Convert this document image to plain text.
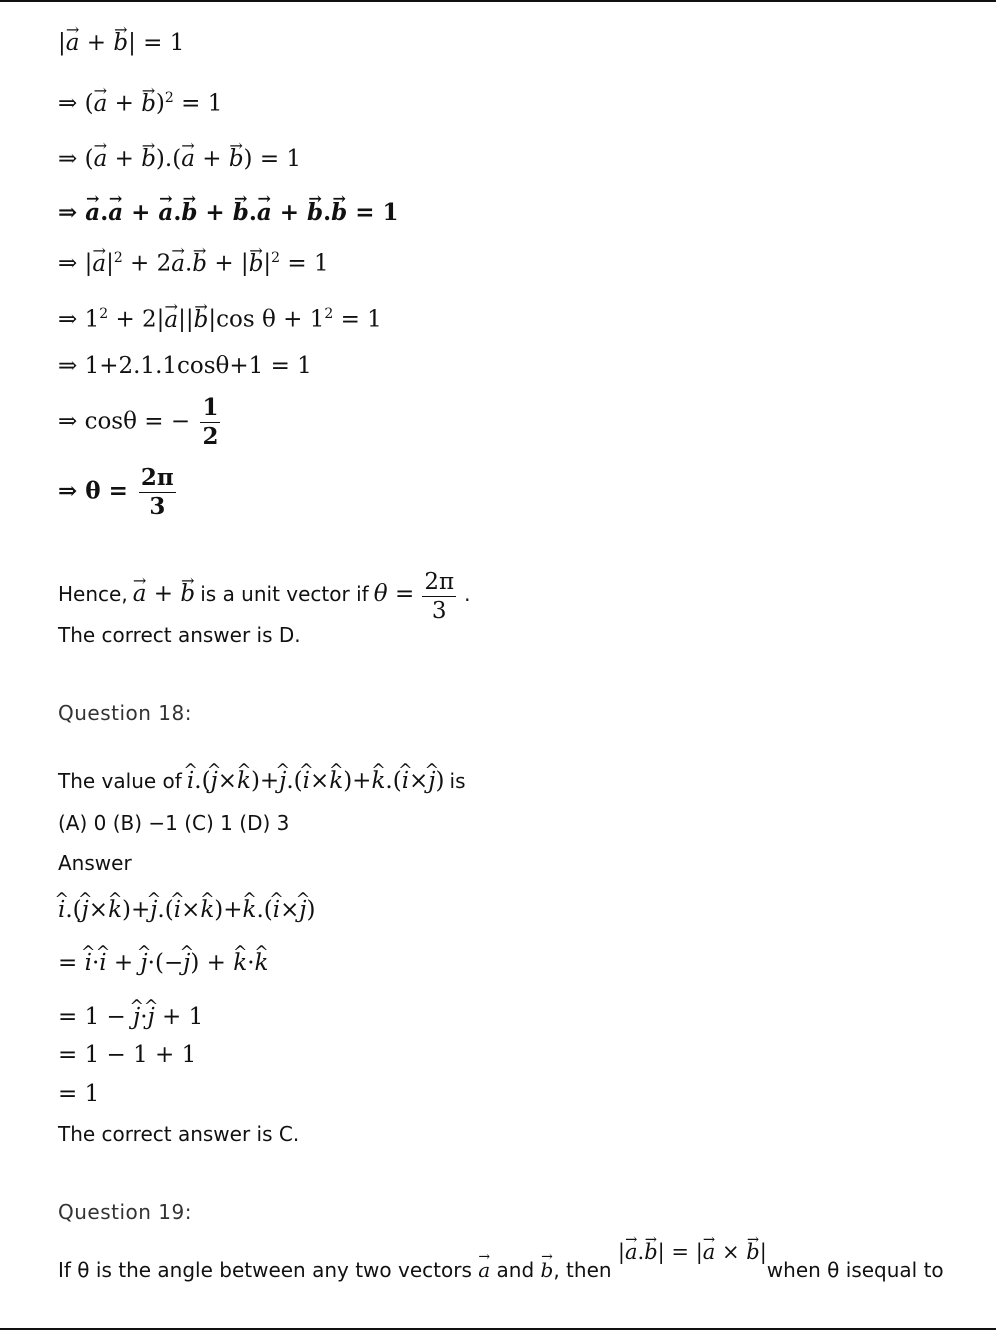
|→ a + → b| = 1
⇒ (→ a + → b)$^2$ = 1
⇒ (→ a + → b).(→ a + → b) = 1
⇒ → a.→ a + → a.→ b + → b.→ a + → b.→ b = 1
⇒ |→ $a|^2 + 2\to a.\to b$ + |→ $b|^2 = 1$
⇒ $1^2 + 2|\to a||\to b|\cos$ $\theta + 1^2 = 1$
⇒ 1+2.1.1cosθ+1 = 1
⇒ cosθ = − $\frac{1}{2}$
⇒ $\theta = \frac{2\pi}{3}$
Hence, → a + → b is a unit vector if $\theta = \frac{2\pi}{3}$ .
The correct answer is D.
Question 18:
The value of ^ i.(^ j×^ k)+^ j.(^ i×^ k)+^ k.(^ i×^ j) is
(A) 0 (B) −1 (C) 1 (D) 3
Answer
^ i.(^ j×^ k)+^ j.(^ i×^ k)+^ k.(^ i×^ j)
= ^ i·^ i + ^ j·(−^ j) + ^ k·^ k
= 1 − ^ j·^ j + 1
= 1 − 1 + 1
= 1
The correct answer is C.
Question 19:
If θ is the angle between any two vectors → a and → b, then |→ a.→ b| = |→ a × → b|when θ isequal to
